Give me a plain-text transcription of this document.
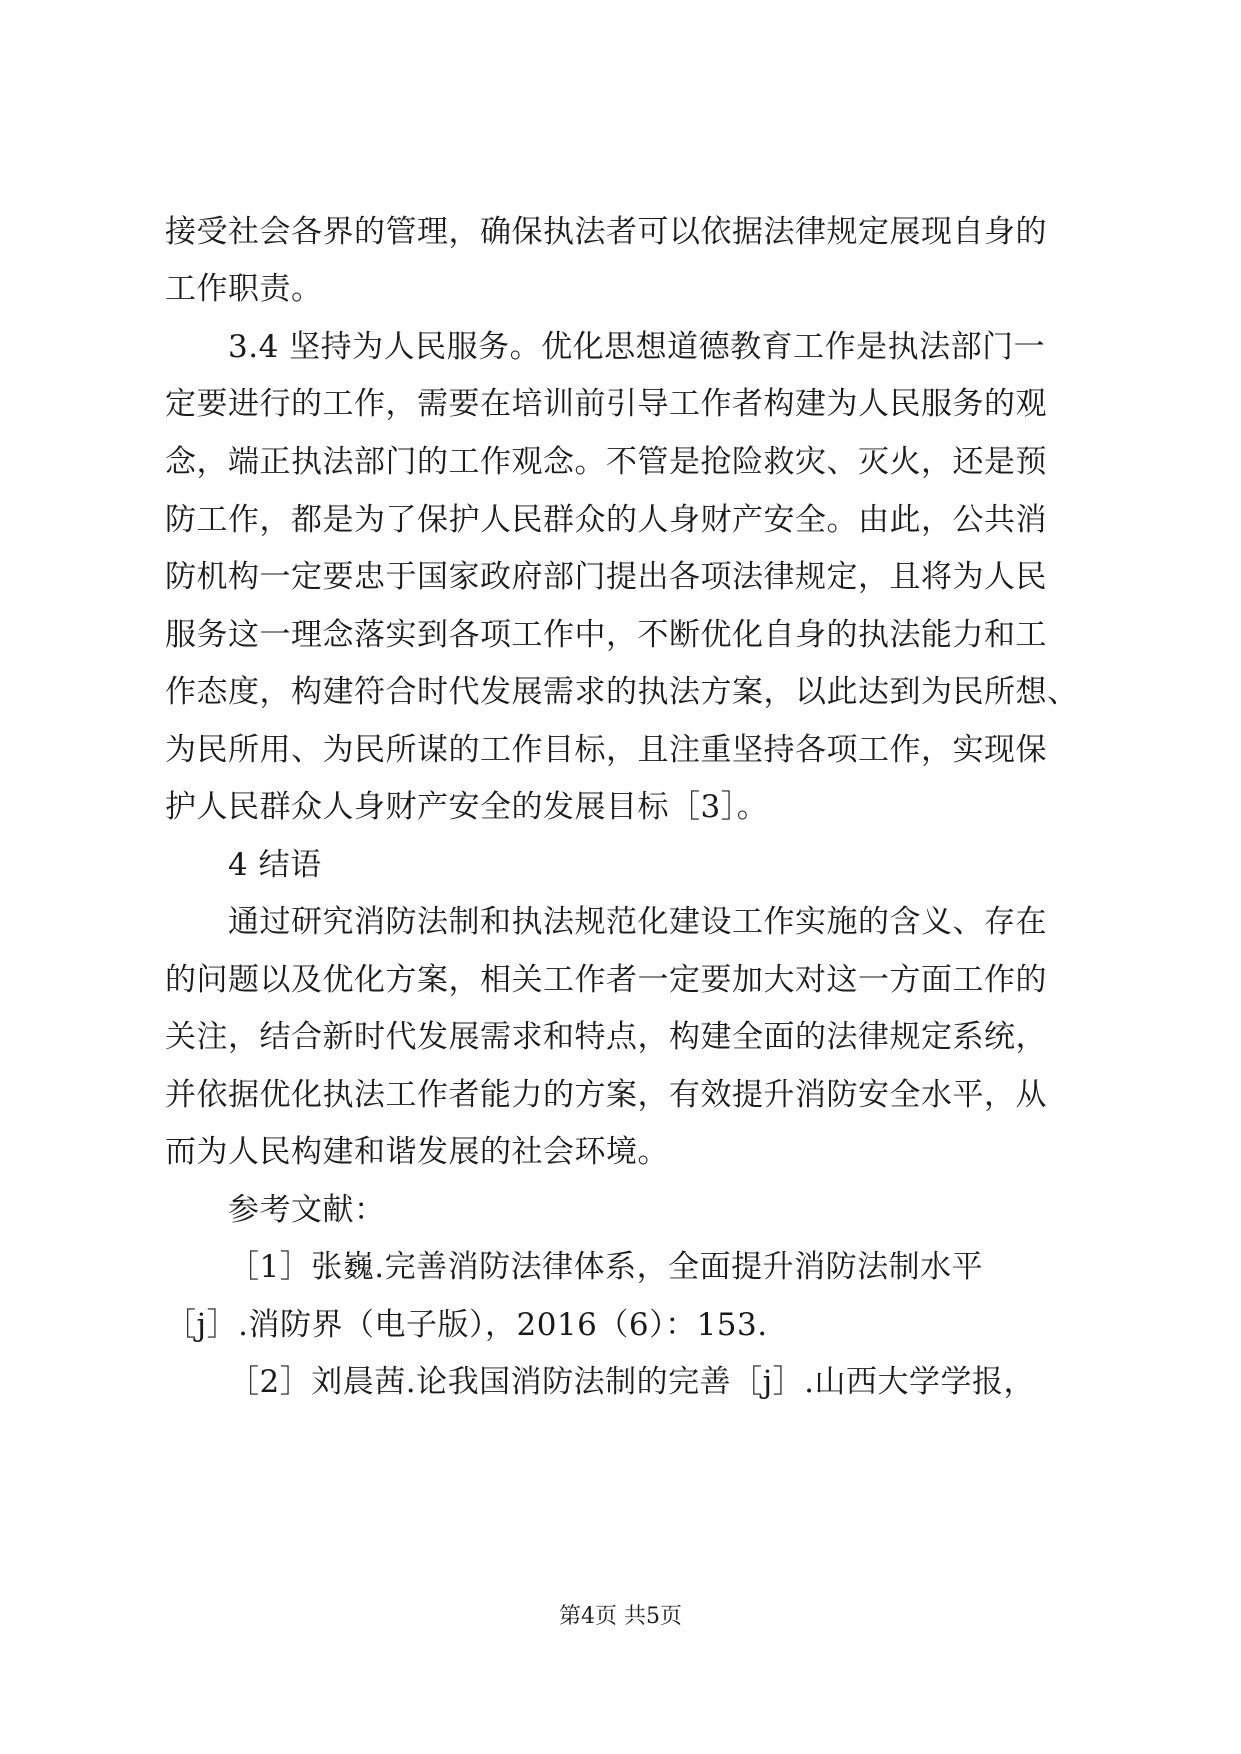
接受社会各界的管理，确保执法者可以依据法律规定展现自身的
工作职责。
3.4 坚持为人民服务。优化思想道德教育工作是执法部门一
定要进行的工作，需要在培训前引导工作者构建为人民服务的观
念，端正执法部门的工作观念。不管是抢险救灾、灭火，还是预
防工作，都是为了保护人民群众的人身财产安全。由此，公共消
防机构一定要忠于国家政府部门提出各项法律规定，且将为人民
服务这一理念落实到各项工作中，不断优化自身的执法能力和工
作态度，构建符合时代发展需求的执法方案，以此达到为民所想、
为民所用、为民所谋的工作目标，且注重坚持各项工作，实现保
护人民群众人身财产安全的发展目标［3］。
4 结语
通过研究消防法制和执法规范化建设工作实施的含义、存在
的问题以及优化方案，相关工作者一定要加大对这一方面工作的
关注，结合新时代发展需求和特点，构建全面的法律规定系统，
并依据优化执法工作者能力的方案，有效提升消防安全水平，从
而为人民构建和谐发展的社会环境。
参考文献：
［1］张巍.完善消防法律体系，全面提升消防法制水平
［j］.消防界（电子版），2016（6）：153.
［2］刘晨茜.论我国消防法制的完善［j］.山西大学学报，
第4页 共5页
